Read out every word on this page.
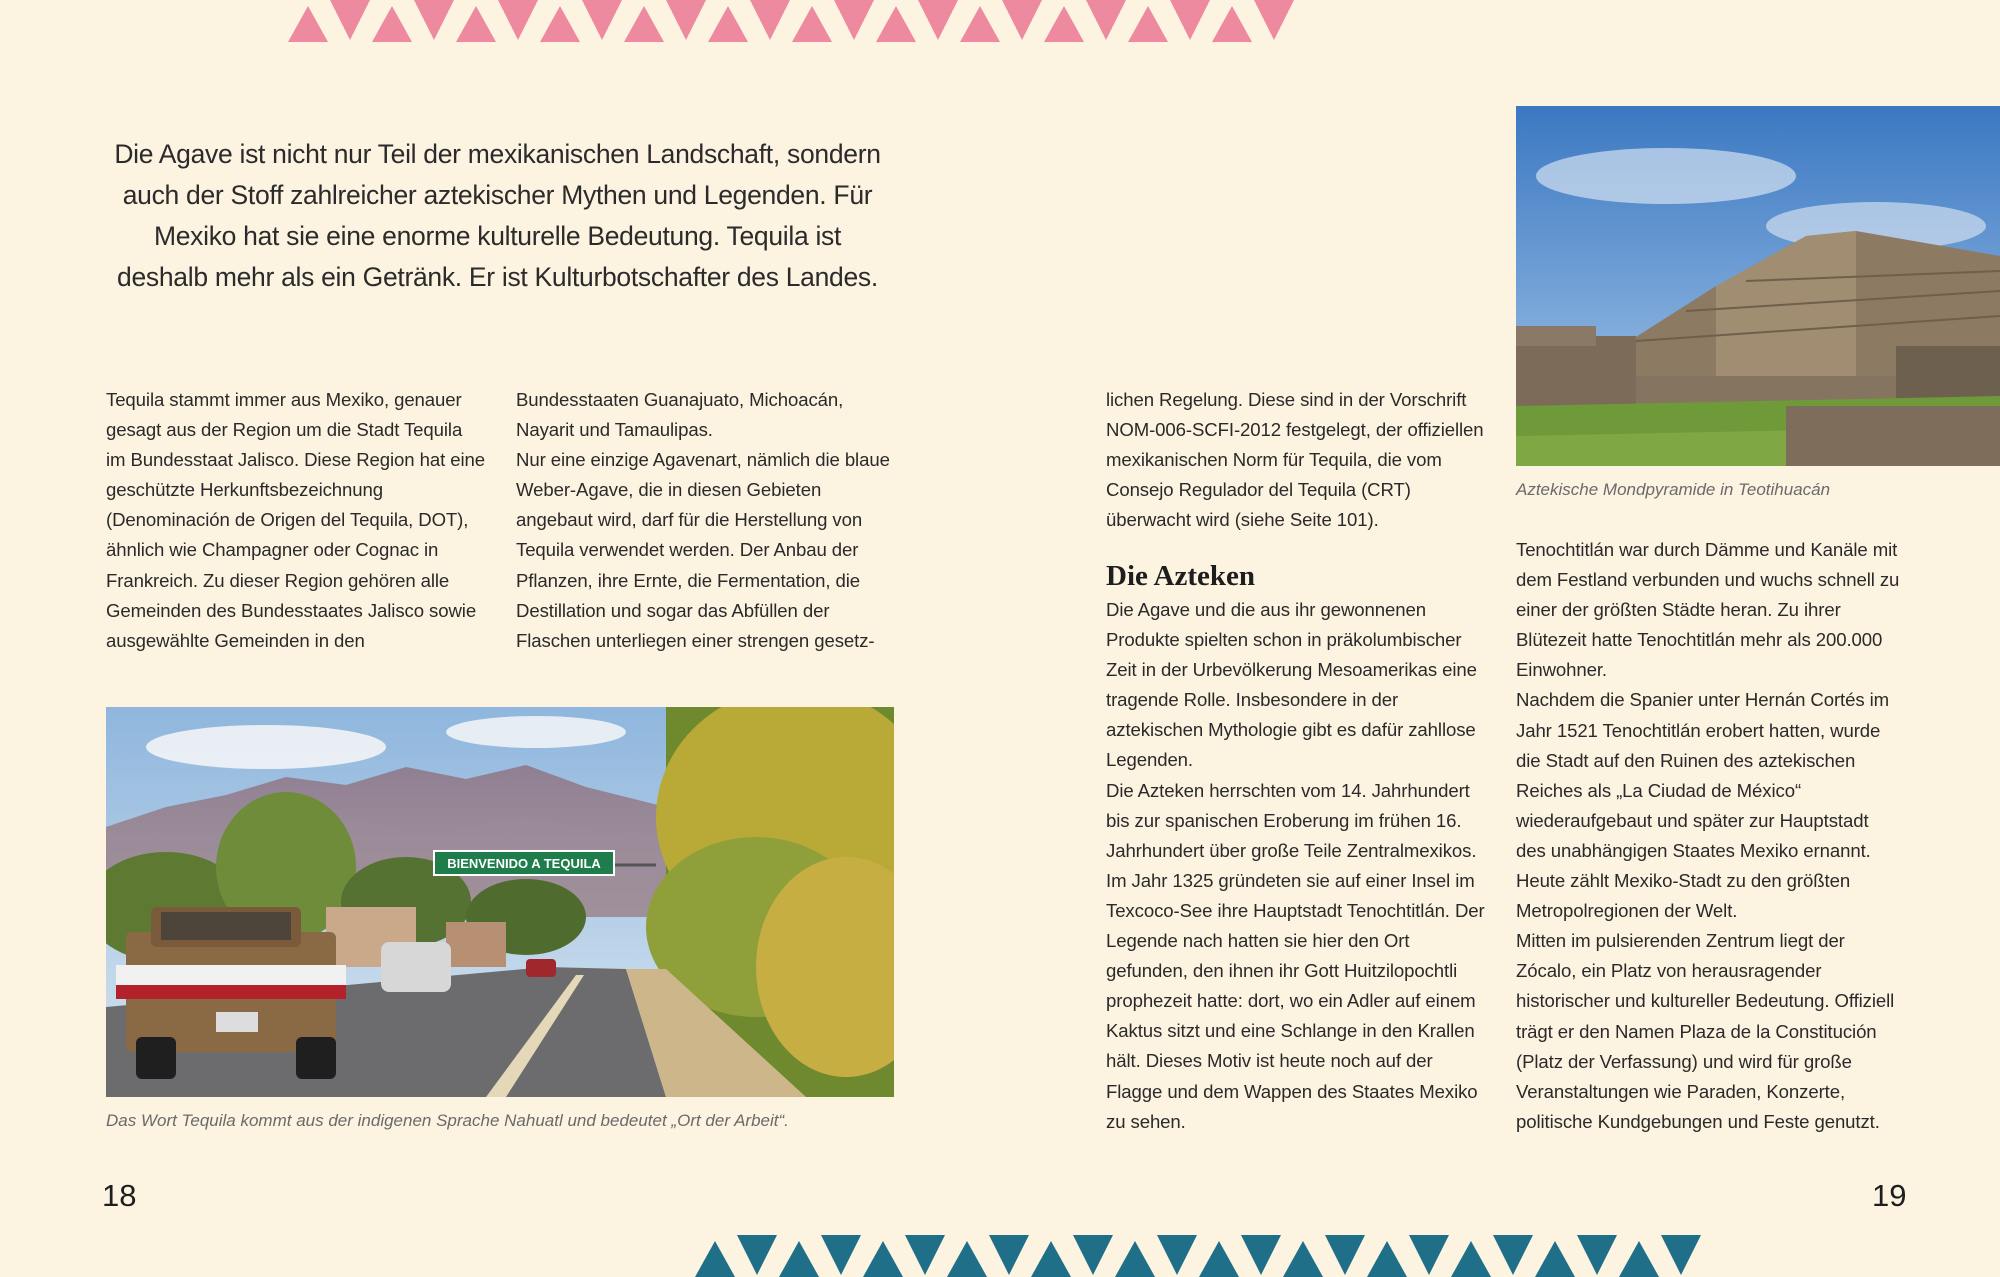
Die Agave ist nicht nur Teil der mexikanischen Landschaft, sondern auch der Stoff zahlreicher aztekischer Mythen und Legenden. Für Mexiko hat sie eine enorme kulturelle Bedeutung. Tequila ist deshalb mehr als ein Getränk. Er ist Kulturbotschafter des Landes.

Tequila stammt immer aus Mexiko, genauer gesagt aus der Region um die Stadt Tequila im Bundesstaat Jalisco. Diese Region hat eine geschützte Herkunftsbezeichnung (Denominación de Origen del Tequila, DOT), ähnlich wie Champagner oder Cognac in Frankreich. Zu dieser Region gehören alle Gemeinden des Bundesstaates Jalisco sowie ausgewählte Gemeinden in den

Bundesstaaten Guanajuato, Michoacán, Nayarit und Tamaulipas.

Nur eine einzige Agavenart, nämlich die blaue Weber-Agave, die in diesen Gebieten angebaut wird, darf für die Herstellung von Tequila verwendet werden. Der Anbau der Pflanzen, ihre Ernte, die Fermentation, die Destillation und sogar das Abfüllen der Flaschen unterliegen einer strengen gesetz-

BIENVENIDO A TEQUILA

Das Wort Tequila kommt aus der indigenen Sprache Nahuatl und bedeutet „Ort der Arbeit“.

18

lichen Regelung. Diese sind in der Vorschrift NOM-006-SCFI-2012 festgelegt, der offiziellen mexikanischen Norm für Tequila, die vom Consejo Regulador del Tequila (CRT) überwacht wird (siehe Seite 101).

Die Azteken

Die Agave und die aus ihr gewonnenen Produkte spielten schon in präkolumbischer Zeit in der Urbevölkerung Mesoamerikas eine tragende Rolle. Insbesondere in der aztekischen Mythologie gibt es dafür zahllose Legenden.

Die Azteken herrschten vom 14. Jahrhundert bis zur spanischen Eroberung im frühen 16. Jahrhundert über große Teile Zentralmexikos. Im Jahr 1325 gründeten sie auf einer Insel im Texcoco-See ihre Hauptstadt Tenochtitlán. Der Legende nach hatten sie hier den Ort gefunden, den ihnen ihr Gott Huitzilopochtli prophezeit hatte: dort, wo ein Adler auf einem Kaktus sitzt und eine Schlange in den Krallen hält. Dieses Motiv ist heute noch auf der Flagge und dem Wappen des Staates Mexiko zu sehen.

Aztekische Mondpyramide in Teotihuacán

Tenochtitlán war durch Dämme und Kanäle mit dem Festland verbunden und wuchs schnell zu einer der größten Städte heran. Zu ihrer Blütezeit hatte Tenochtitlán mehr als 200.000 Einwohner.

Nachdem die Spanier unter Hernán Cortés im Jahr 1521 Tenochtitlán erobert hatten, wurde die Stadt auf den Ruinen des aztekischen Reiches als „La Ciudad de México“ wiederaufgebaut und später zur Hauptstadt des unabhängigen Staates Mexiko ernannt. Heute zählt Mexiko-Stadt zu den größten Metropolregionen der Welt.

Mitten im pulsierenden Zentrum liegt der Zócalo, ein Platz von herausragender historischer und kultureller Bedeutung. Offiziell trägt er den Namen Plaza de la Constitución (Platz der Verfassung) und wird für große Veranstaltungen wie Paraden, Konzerte, politische Kundgebungen und Feste genutzt.

19
